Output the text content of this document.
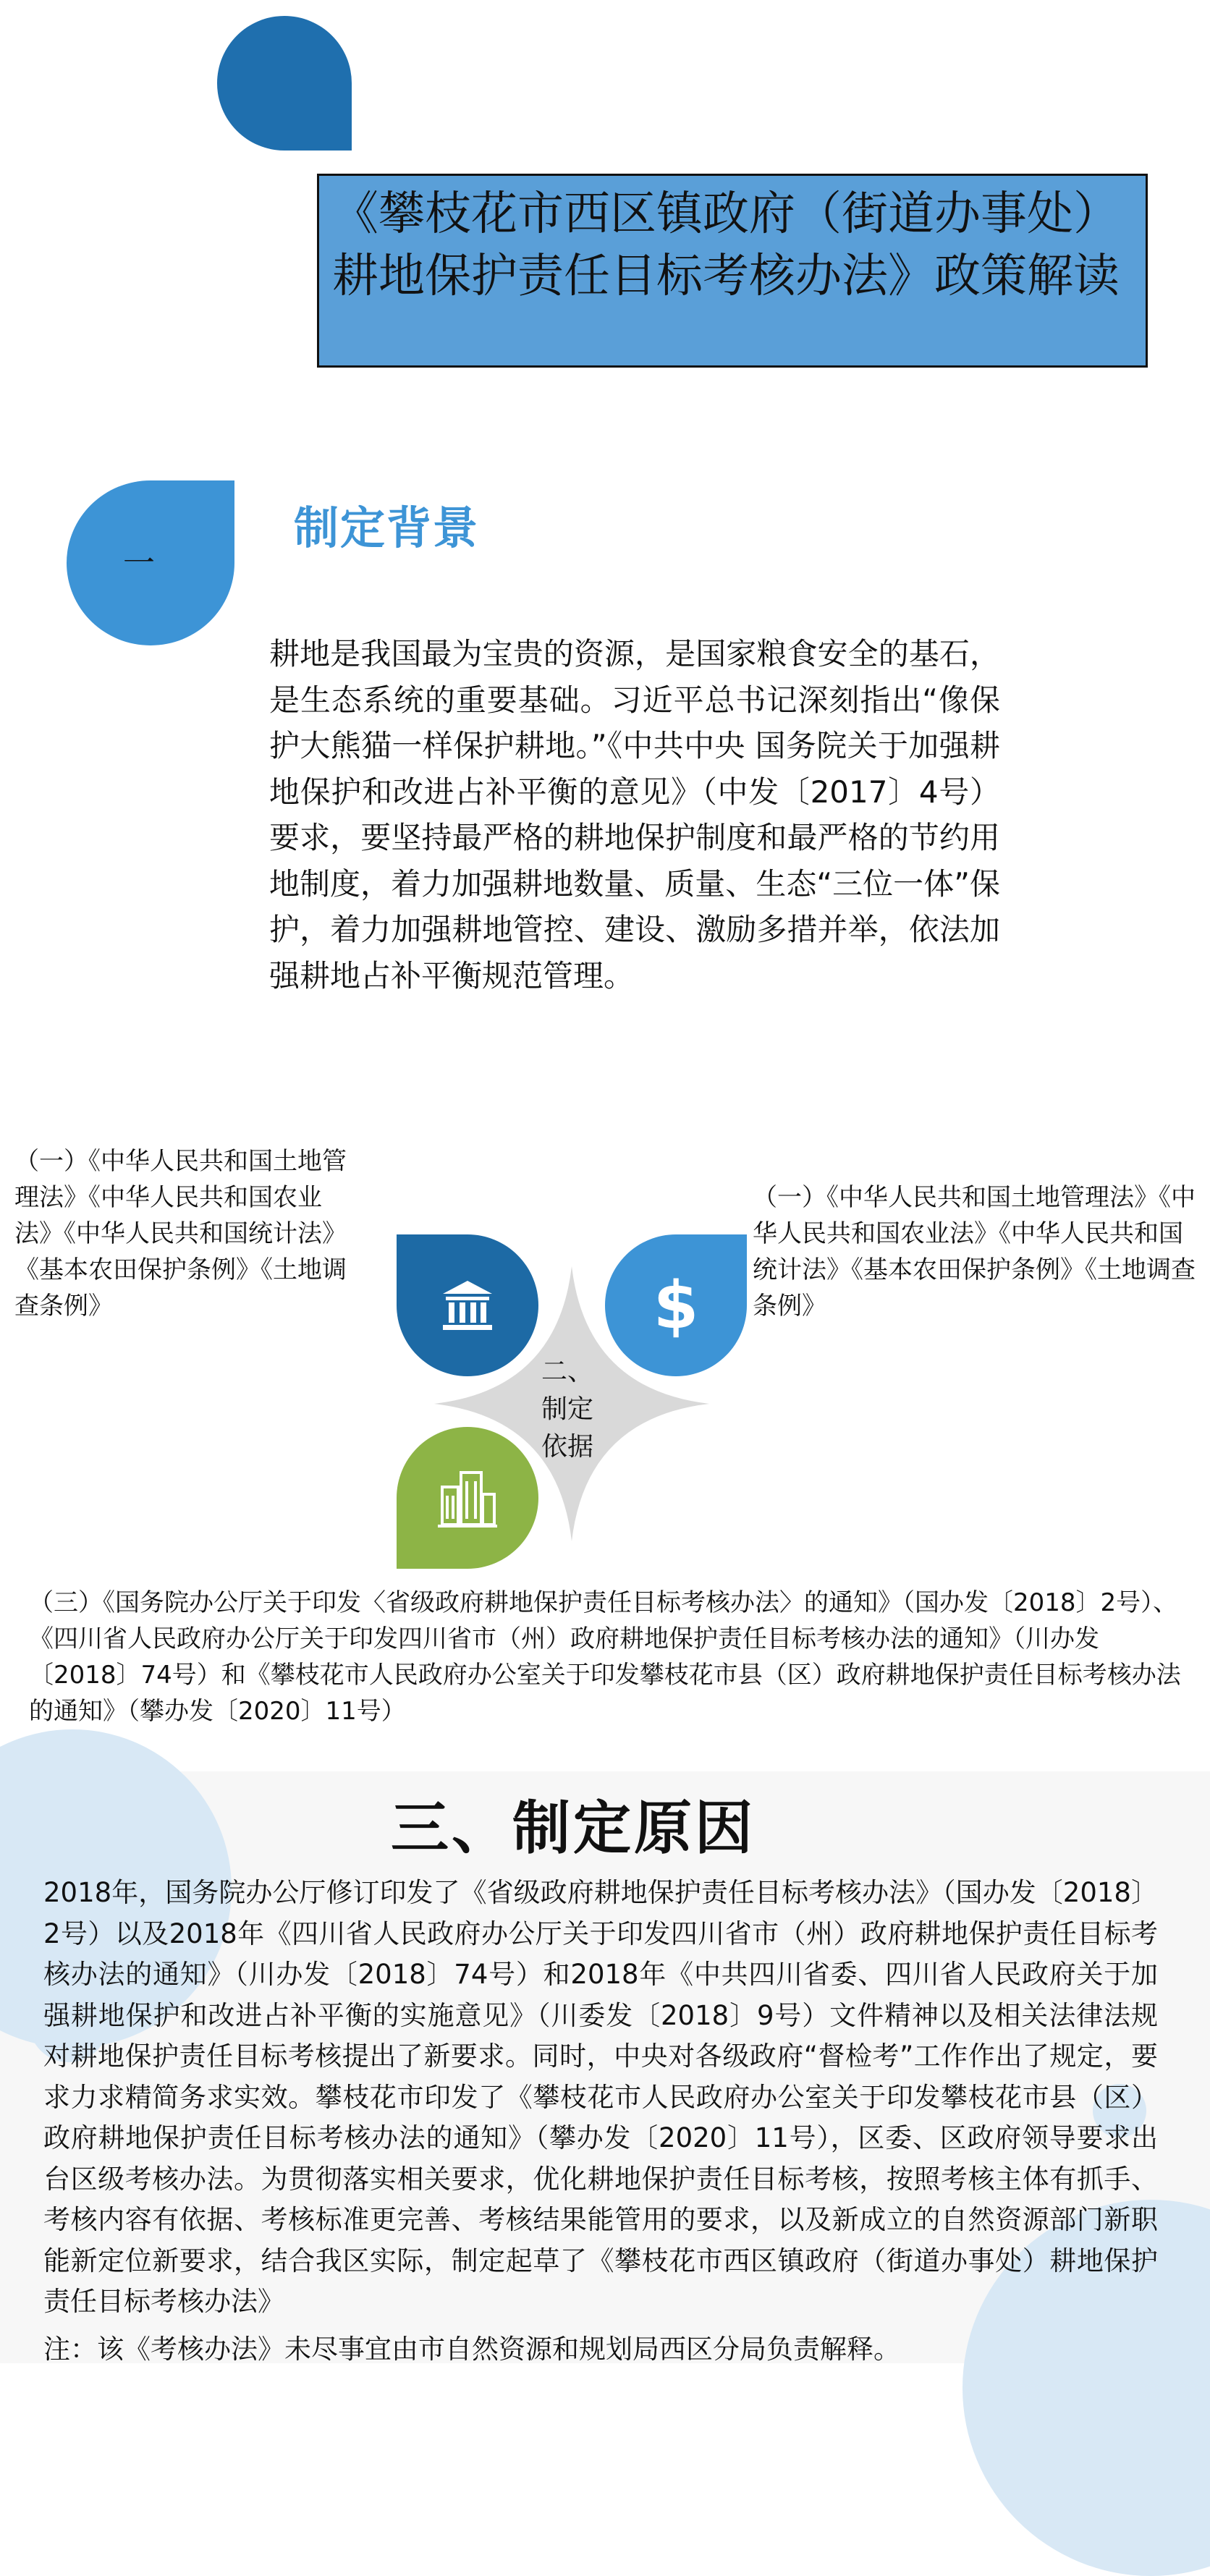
《攀枝花市西区镇政府（街道办事处）耕地保护责任目标考核办法》政策解读
一
制定背景
耕地是我国最为宝贵的资源，是国家粮食安全的基石，是生态系统的重要基础。习近平总书记深刻指出“像保护大熊猫一样保护耕地。”《中共中央 国务院关于加强耕地保护和改进占补平衡的意见》（中发〔2017〕4号）要求，要坚持最严格的耕地保护制度和最严格的节约用地制度，着力加强耕地数量、质量、生态“三位一体”保护，着力加强耕地管控、建设、激励多措并举，依法加强耕地占补平衡规范管理。
（一）《中华人民共和国土地管理法》《中华人民共和国农业法》《中华人民共和国统计法》《基本农田保护条例》《土地调查条例》
（一）《中华人民共和国土地管理法》《中华人民共和国农业法》《中华人民共和国统计法》《基本农田保护条例》《土地调查条例》
$
二、制定依据
（三）《国务院办公厅关于印发〈省级政府耕地保护责任目标考核办法〉的通知》（国办发〔2018〕2号）、《四川省人民政府办公厅关于印发四川省市（州）政府耕地保护责任目标考核办法的通知》（川办发〔2018〕74号）和《攀枝花市人民政府办公室关于印发攀枝花市县（区）政府耕地保护责任目标考核办法的通知》（攀办发〔2020〕11号）
三、制定原因
2018年，国务院办公厅修订印发了《省级政府耕地保护责任目标考核办法》（国办发〔2018〕2号）以及2018年《四川省人民政府办公厅关于印发四川省市（州）政府耕地保护责任目标考核办法的通知》（川办发〔2018〕74号）和2018年《中共四川省委、四川省人民政府关于加强耕地保护和改进占补平衡的实施意见》（川委发〔2018〕9号）文件精神以及相关法律法规对耕地保护责任目标考核提出了新要求。同时，中央对各级政府“督检考”工作作出了规定，要求力求精简务求实效。攀枝花市印发了《攀枝花市人民政府办公室关于印发攀枝花市县（区）政府耕地保护责任目标考核办法的通知》（攀办发〔2020〕11号），区委、区政府领导要求出台区级考核办法。为贯彻落实相关要求，优化耕地保护责任目标考核，按照考核主体有抓手、考核内容有依据、考核标准更完善、考核结果能管用的要求，以及新成立的自然资源部门新职能新定位新要求，结合我区实际，制定起草了《攀枝花市西区镇政府（街道办事处）耕地保护责任目标考核办法》
注：该《考核办法》未尽事宜由市自然资源和规划局西区分局负责解释。
